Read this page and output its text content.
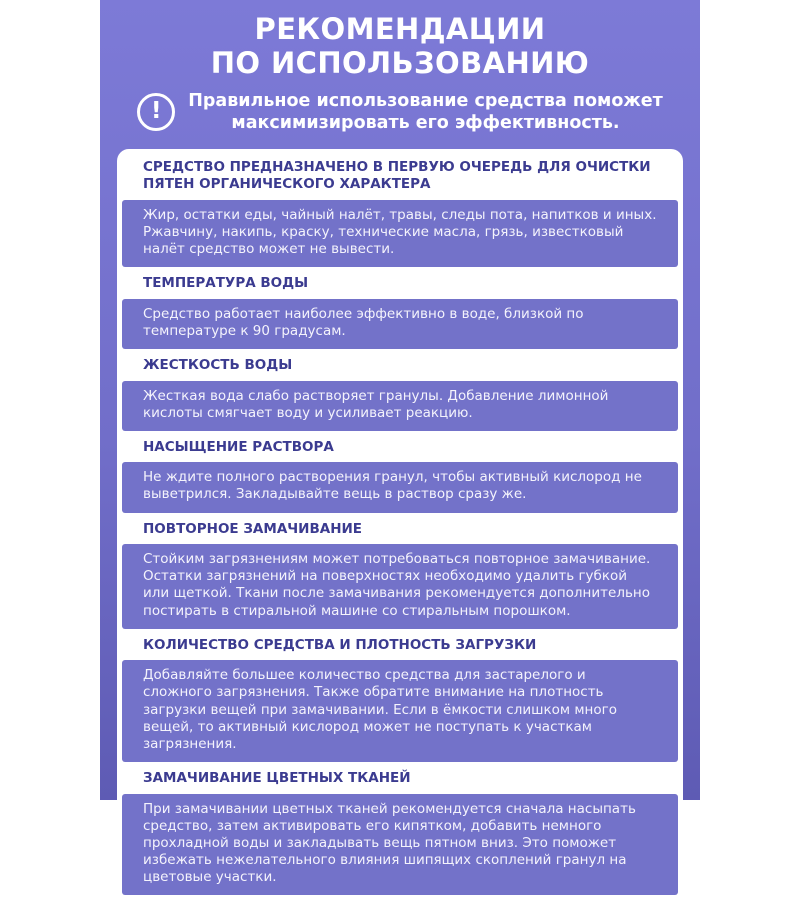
РЕКОМЕНДАЦИИ
ПО ИСПОЛЬЗОВАНИЮ
! Правильное использование средства поможет
максимизировать его эффективность.
СРЕДСТВО ПРЕДНАЗНАЧЕНО В ПЕРВУЮ ОЧЕРЕДЬ ДЛЯ ОЧИСТКИ ПЯТЕН ОРГАНИЧЕСКОГО ХАРАКТЕРА
Жир, остатки еды, чайный налёт, травы, следы пота, напитков и иных. Ржавчину, накипь, краску, технические масла, грязь, известковый налёт средство может не вывести.
ТЕМПЕРАТУРА ВОДЫ
Средство работает наиболее эффективно в воде, близкой по температуре к 90 градусам.
ЖЕСТКОСТЬ ВОДЫ
Жесткая вода слабо растворяет гранулы. Добавление лимонной кислоты смягчает воду и усиливает реакцию.
НАСЫЩЕНИЕ РАСТВОРА
Не ждите полного растворения гранул, чтобы активный кислород не выветрился. Закладывайте вещь в раствор сразу же.
ПОВТОРНОЕ ЗАМАЧИВАНИЕ
Стойким загрязнениям может потребоваться повторное замачивание. Остатки загрязнений на поверхностях необходимо удалить губкой или щеткой. Ткани после замачивания рекомендуется дополнительно постирать в стиральной машине со стиральным порошком.
КОЛИЧЕСТВО СРЕДСТВА И ПЛОТНОСТЬ ЗАГРУЗКИ
Добавляйте большее количество средства для застарелого и сложного загрязнения. Также обратите внимание на плотность загрузки вещей при замачивании. Если в ёмкости слишком много вещей, то активный кислород может не поступать к участкам загрязнения.
ЗАМАЧИВАНИЕ ЦВЕТНЫХ ТКАНЕЙ
При замачивании цветных тканей рекомендуется сначала насыпать средство, затем активировать его кипятком, добавить немного прохладной воды и закладывать вещь пятном вниз. Это поможет избежать нежелательного влияния шипящих скоплений гранул на цветовые участки.
